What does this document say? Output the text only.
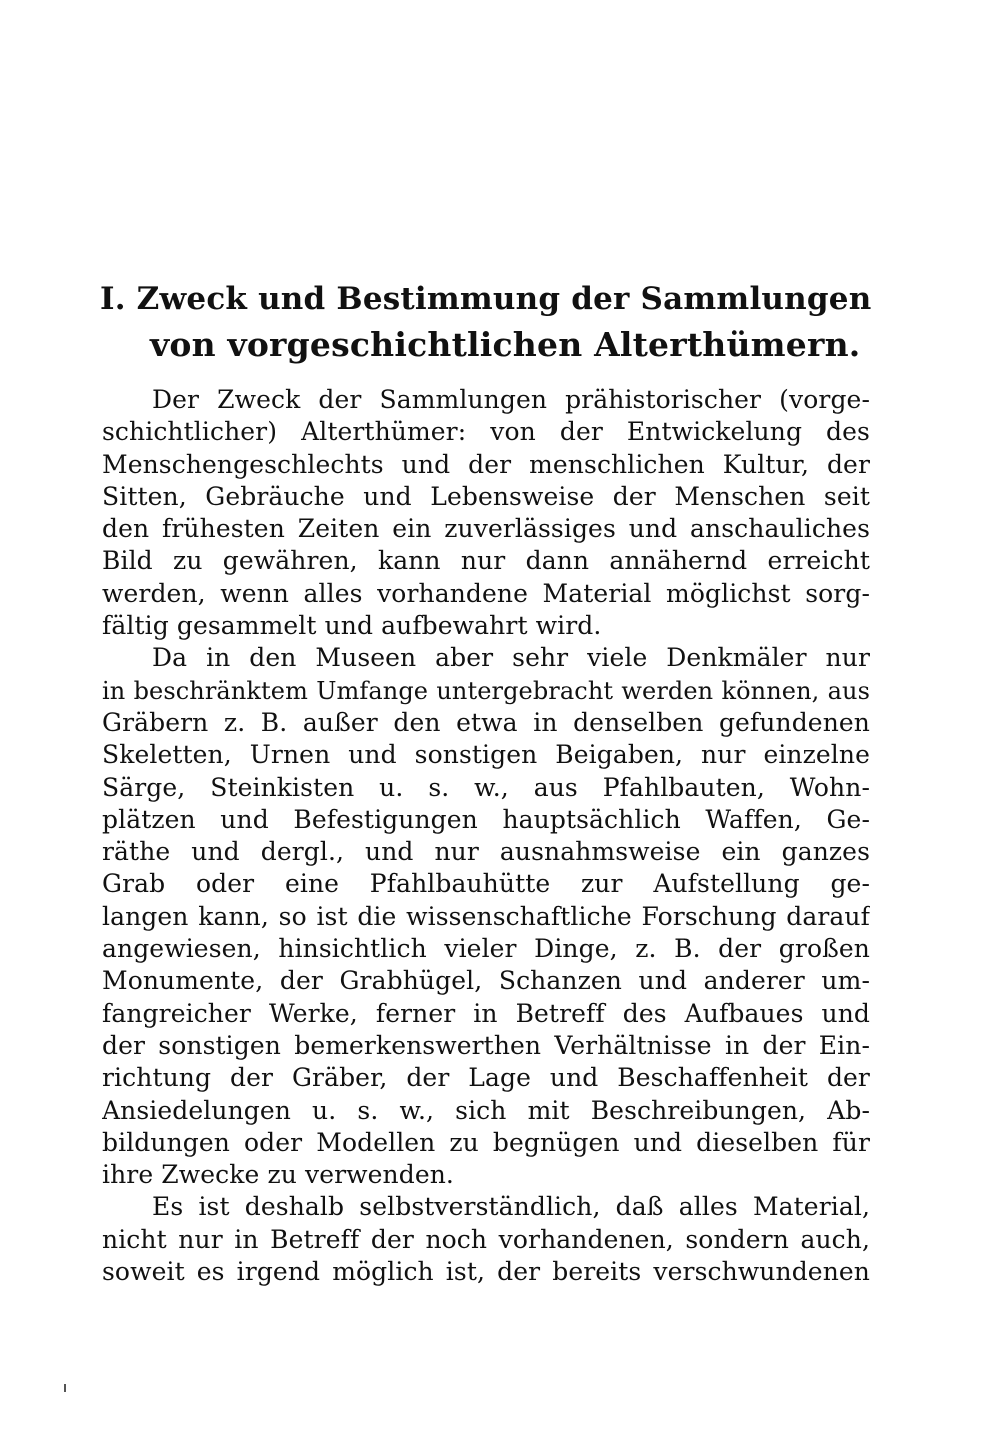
I. Zweck und Bestimmung der Sammlungen
von vorgeschichtlichen Alterthümern.
Der Zweck der Sammlungen prähistorischer (vorge-
schichtlicher) Alterthümer: von der Entwickelung des
Menschengeschlechts und der menschlichen Kultur, der
Sitten, Gebräuche und Lebensweise der Menschen seit
den frühesten Zeiten ein zuverlässiges und anschauliches
Bild zu gewähren, kann nur dann annähernd erreicht
werden, wenn alles vorhandene Material möglichst sorg-
fältig gesammelt und aufbewahrt wird.
Da in den Museen aber sehr viele Denkmäler nur
in beschränktem Umfange untergebracht werden können, aus
Gräbern z. B. außer den etwa in denselben gefundenen
Skeletten, Urnen und sonstigen Beigaben, nur einzelne
Särge, Steinkisten u. s. w., aus Pfahlbauten, Wohn-
plätzen und Befestigungen hauptsächlich Waffen, Ge-
räthe und dergl., und nur ausnahmsweise ein ganzes
Grab oder eine Pfahlbauhütte zur Aufstellung ge-
langen kann, so ist die wissenschaftliche Forschung darauf
angewiesen, hinsichtlich vieler Dinge, z. B. der großen
Monumente, der Grabhügel, Schanzen und anderer um-
fangreicher Werke, ferner in Betreff des Aufbaues und
der sonstigen bemerkenswerthen Verhältnisse in der Ein-
richtung der Gräber, der Lage und Beschaffenheit der
Ansiedelungen u. s. w., sich mit Beschreibungen, Ab-
bildungen oder Modellen zu begnügen und dieselben für
ihre Zwecke zu verwenden.
Es ist deshalb selbstverständlich, daß alles Material,
nicht nur in Betreff der noch vorhandenen, sondern auch,
soweit es irgend möglich ist, der bereits verschwundenen
